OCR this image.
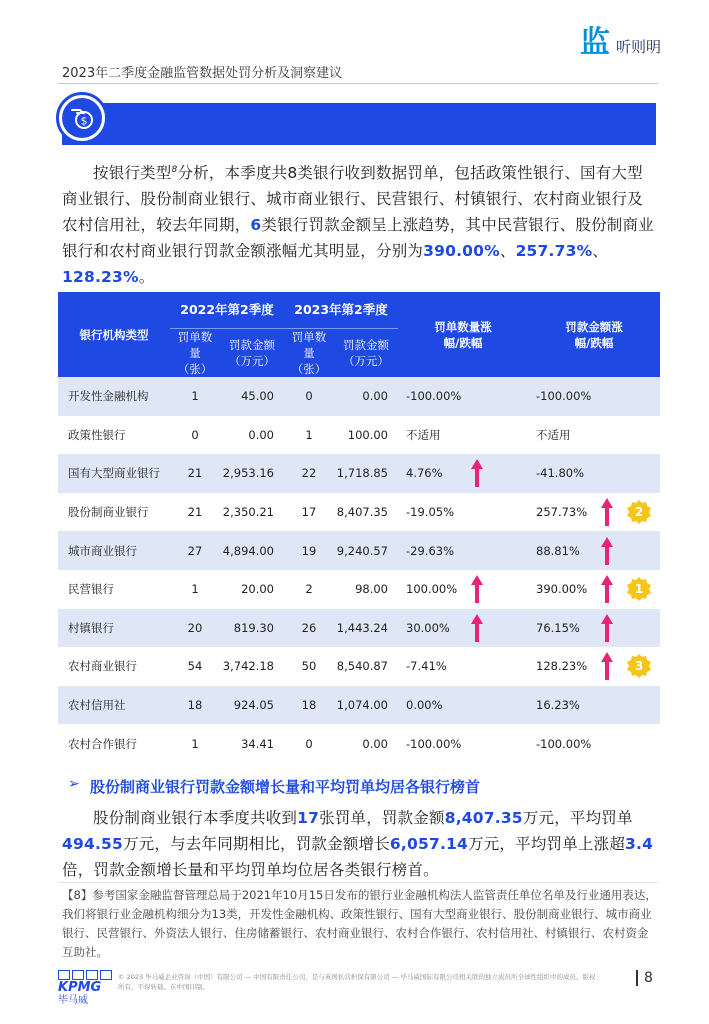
2023年二季度金融监管数据处罚分析及洞察建议
监 听则明
$
按银行类型$^8$分析，本季度共8类银行收到数据罚单，包括政策性银行、国有大型商业银行、股份制商业银行、城市商业银行、民营银行、村镇银行、农村商业银行及农村信用社，较去年同期，6类银行罚款金额呈上涨趋势，其中民营银行、股份制商业银行和农村商业银行罚款金额涨幅尤其明显，分别为390.00%、257.73%、128.23%。
银行机构类型	2022年第2季度		2023年第2季度		罚单数量涨幅/跌幅	罚款金额涨幅/跌幅
	罚单数量（张）	罚款金额（万元）	罚单数量（张）	罚款金额（万元）		
开发性金融机构	1	45.00	0	0.00	-100.00%	-100.00%

政策性银行	0	0.00	1	100.00	不适用	不适用

国有大型商业银行	21	2,953.16	22	1,718.85	4.76%	-41.80%

股份制商业银行	21	2,350.21	17	8,407.35	-19.05%	257.73% 2

城市商业银行	27	4,894.00	19	9,240.57	-29.63%	88.81%

民营银行	1	20.00	2	98.00	100.00%	390.00% 1

村镇银行	20	819.30	26	1,443.24	30.00%	76.15%

农村商业银行	54	3,742.18	50	8,540.87	-7.41%	128.23% 3

农村信用社	18	924.05	18	1,074.00	0.00%	16.23%

农村合作银行	1	34.41	0	0.00	-100.00%	-100.00%
➢ 股份制商业银行罚款金额增长量和平均罚单均居各银行榜首
股份制商业银行本季度共收到17张罚单，罚款金额8,407.35万元，平均罚单494.55万元，与去年同期相比，罚款金额增长6,057.14万元，平均罚单上涨超3.4倍，罚款金额增长量和平均罚单均位居各类银行榜首。
【8】参考国家金融监督管理总局于2021年10月15日发布的银行业金融机构法人监管责任单位名单及行业通用表达，我们将银行业金融机构细分为13类，开发性金融机构、政策性银行、国有大型商业银行、股份制商业银行、城市商业银行、民营银行、外资法人银行、住房储蓄银行、农村商业银行、农村合作银行、农村信用社、村镇银行、农村资金互助社。
KPMG
毕马威
© 2023 毕马威企业咨询（中国）有限公司 — 中国有限责任公司，是与英国私营担保有限公司 — 毕马威国际有限公司相关联的独立成员所全球性组织中的成员。版权所有，不得转载。在中国印制。
8
